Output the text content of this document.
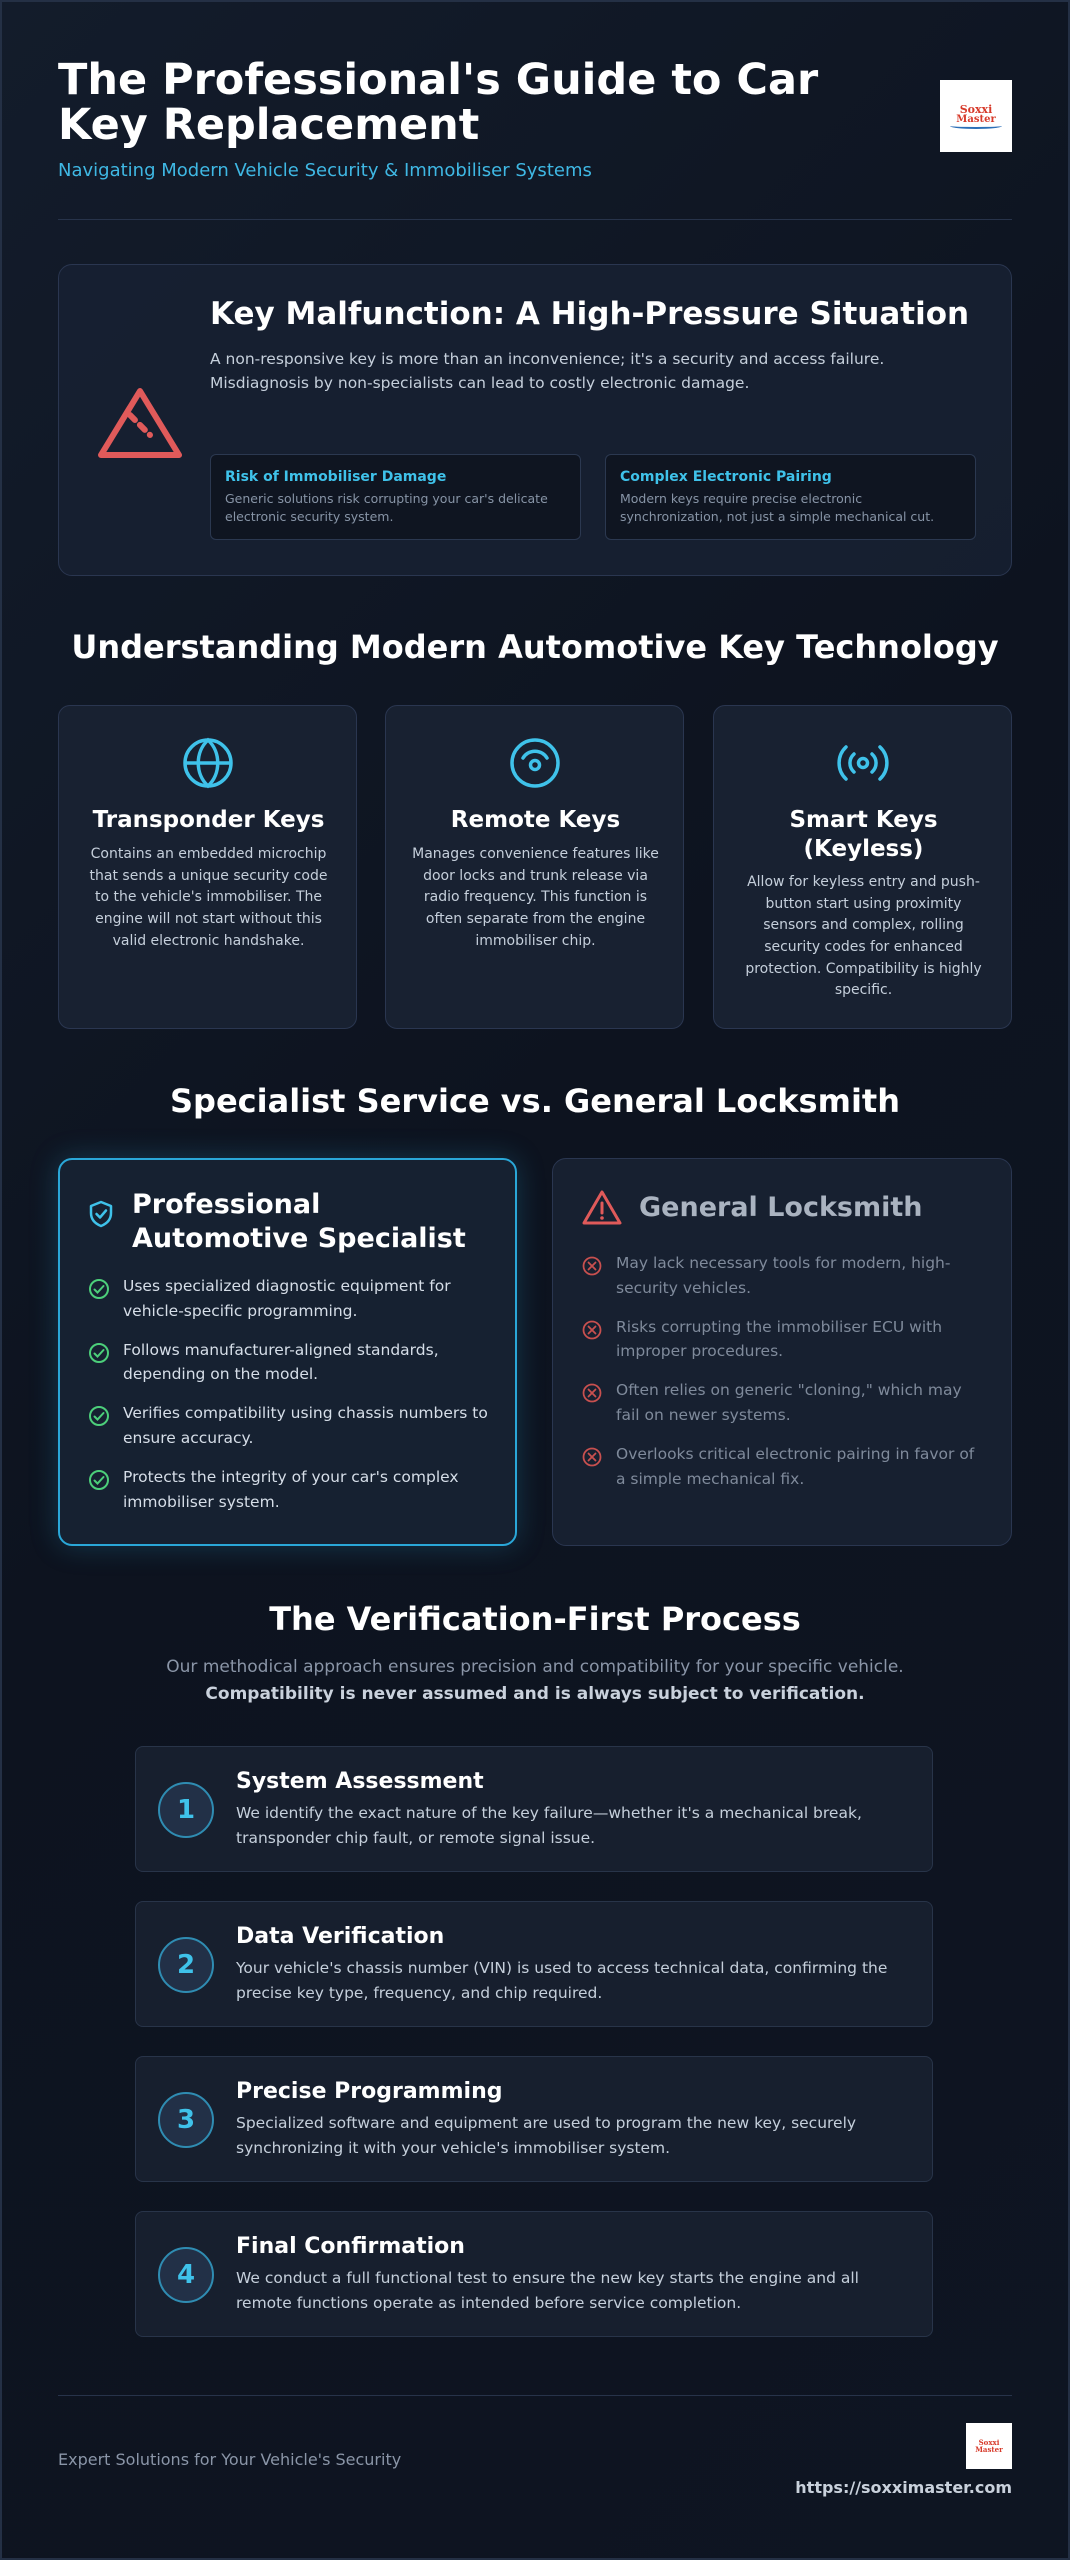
The Professional's Guide to Car Key Replacement
Navigating Modern Vehicle Security & Immobiliser Systems
Soxxi
Master
Key Malfunction: A High-Pressure Situation
A non-responsive key is more than an inconvenience; it's a security and access failure. Misdiagnosis by non-specialists can lead to costly electronic damage.
Risk of Immobiliser Damage
Generic solutions risk corrupting your car's delicate electronic security system.
Complex Electronic Pairing
Modern keys require precise electronic synchronization, not just a simple mechanical cut.
Understanding Modern Automotive Key Technology
Transponder Keys
Contains an embedded microchip that sends a unique security code to the vehicle's immobiliser. The engine will not start without this valid electronic handshake.
Remote Keys
Manages convenience features like door locks and trunk release via radio frequency. This function is often separate from the engine immobiliser chip.
Smart Keys (Keyless)
Allow for keyless entry and push-button start using proximity sensors and complex, rolling security codes for enhanced protection. Compatibility is highly specific.
Specialist Service vs. General Locksmith
Professional Automotive Specialist
Uses specialized diagnostic equipment for vehicle-specific programming.
Follows manufacturer-aligned standards, depending on the model.
Verifies compatibility using chassis numbers to ensure accuracy.
Protects the integrity of your car's complex immobiliser system.
General Locksmith
May lack necessary tools for modern, high-security vehicles.
Risks corrupting the immobiliser ECU with improper procedures.
Often relies on generic "cloning," which may fail on newer systems.
Overlooks critical electronic pairing in favor of a simple mechanical fix.
The Verification-First Process
Our methodical approach ensures precision and compatibility for your specific vehicle.
Compatibility is never assumed and is always subject to verification.
1
System Assessment
We identify the exact nature of the key failure—whether it's a mechanical break, transponder chip fault, or remote signal issue.
2
Data Verification
Your vehicle's chassis number (VIN) is used to access technical data, confirming the precise key type, frequency, and chip required.
3
Precise Programming
Specialized software and equipment are used to program the new key, securely synchronizing it with your vehicle's immobiliser system.
4
Final Confirmation
We conduct a full functional test to ensure the new key starts the engine and all remote functions operate as intended before service completion.
Expert Solutions for Your Vehicle's Security
Soxxi
Master
https://soxximaster.com
